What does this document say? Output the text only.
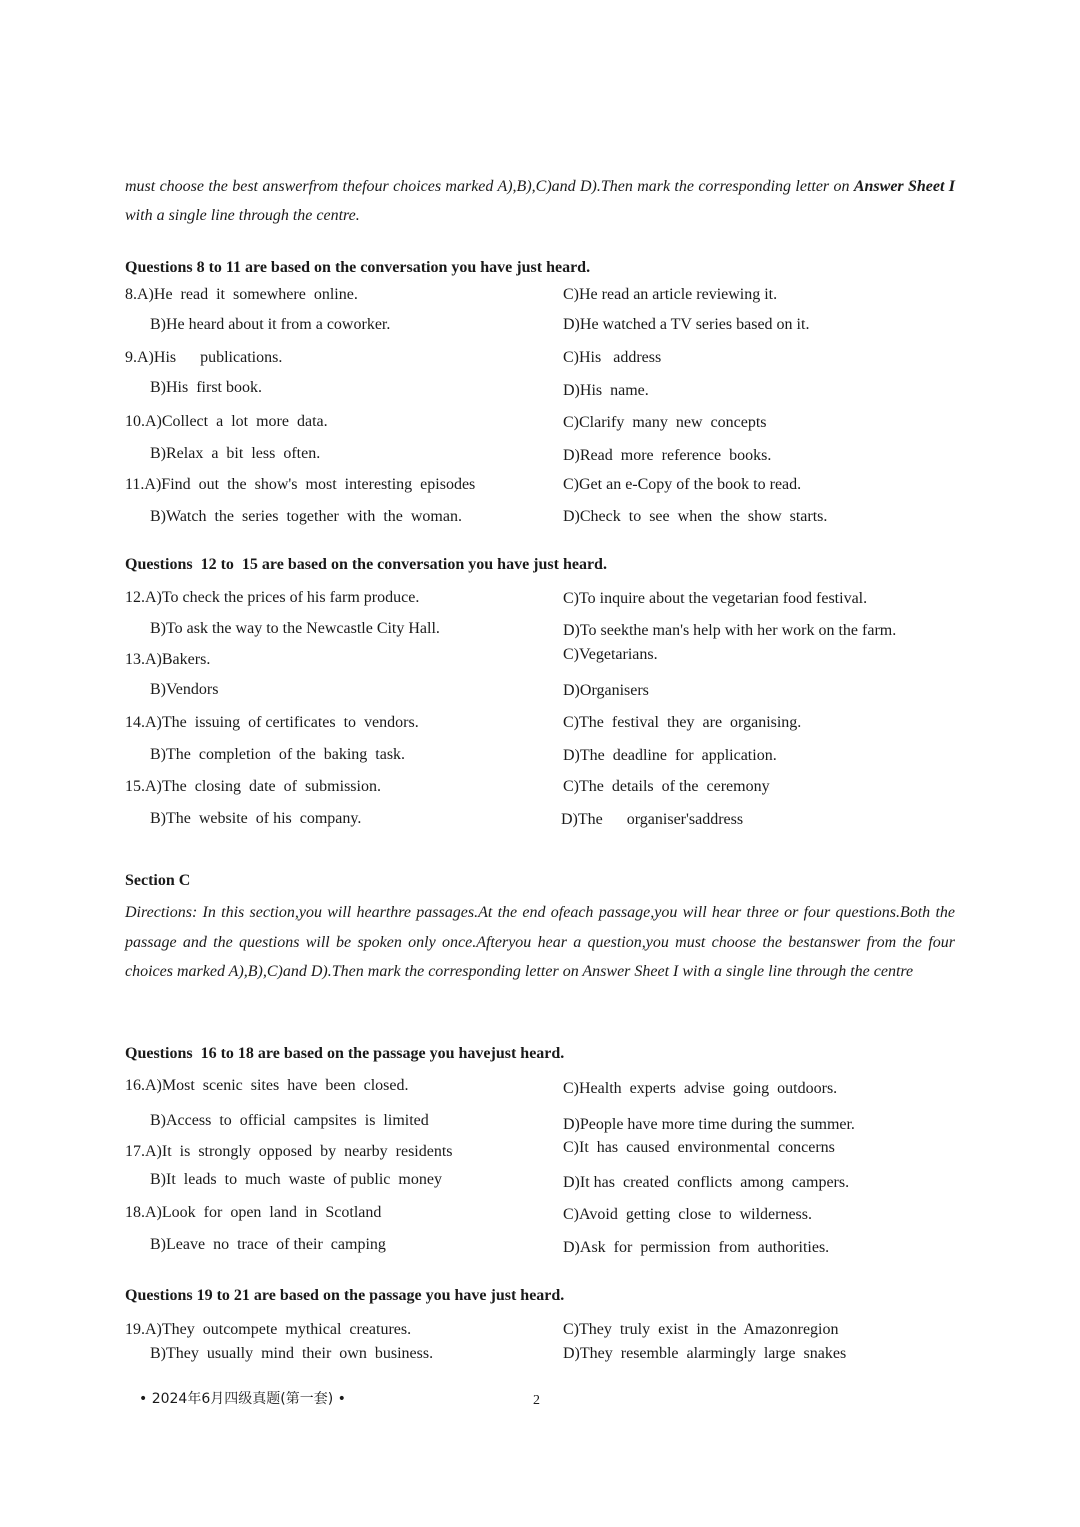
must choose the best answerfrom thefour choices marked A),B),C)and D).Then mark the corresponding letter on Answer Sheet I with a single line through the centre.
Questions 8 to 11 are based on the conversation you have just heard.
8.A)He  read  it  somewhere  online.	C)He read an article reviewing it.
B)He heard about it from a coworker.	D)He watched a TV series based on it.
9.A)His      publications.	C)His   address
B)His  first book.	D)His  name.
10.A)Collect  a  lot  more  data.	C)Clarify  many  new  concepts
B)Relax  a  bit  less  often.	D)Read  more  reference  books.
11.A)Find  out  the  show's  most  interesting  episodes	C)Get an e-Copy of the book to read.
B)Watch  the  series  together  with  the  woman.	D)Check  to  see  when  the  show  starts.
Questions  12 to  15 are based on the conversation you have just heard.
12.A)To check the prices of his farm produce.	C)To inquire about the vegetarian food festival.
B)To ask the way to the Newcastle City Hall.	D)To seekthe man's help with her work on the farm.
13.A)Bakers.	C)Vegetarians.
B)Vendors	D)Organisers
14.A)The  issuing  of certificates  to  vendors.	C)The  festival  they  are  organising.
B)The  completion  of the  baking  task.	D)The  deadline  for  application.
15.A)The  closing  date  of  submission.	C)The  details  of the  ceremony
B)The  website  of his  company.	D)The      organiser'saddress
Section C
Directions: In this section,you will hearthre passages.At the end ofeach passage,you will hear three or four questions.Both the passage and the questions will be spoken only once.Afteryou hear a question,you must choose the bestanswer from the four choices marked A),B),C)and D).Then mark the corresponding letter on Answer Sheet I with a single line through the centre
Questions  16 to 18 are based on the passage you havejust heard.
16.A)Most  scenic  sites  have  been  closed.	C)Health  experts  advise  going  outdoors.
B)Access  to  official  campsites  is  limited	D)People have more time during the summer.
17.A)It  is  strongly  opposed  by  nearby  residents	C)It  has  caused  environmental  concerns
B)It  leads  to  much  waste  of public  money	D)It has  created  conflicts  among  campers.
18.A)Look  for  open  land  in  Scotland	C)Avoid  getting  close  to  wilderness.
B)Leave  no  trace  of their  camping	D)Ask  for  permission  from  authorities.
Questions 19 to 21 are based on the passage you have just heard.
19.A)They  outcompete  mythical  creatures.	C)They  truly  exist  in  the  Amazonregion
B)They  usually  mind  their  own  business.	D)They  resemble  alarmingly  large  snakes
• 2024年6月四级真题(第一套) •	2
